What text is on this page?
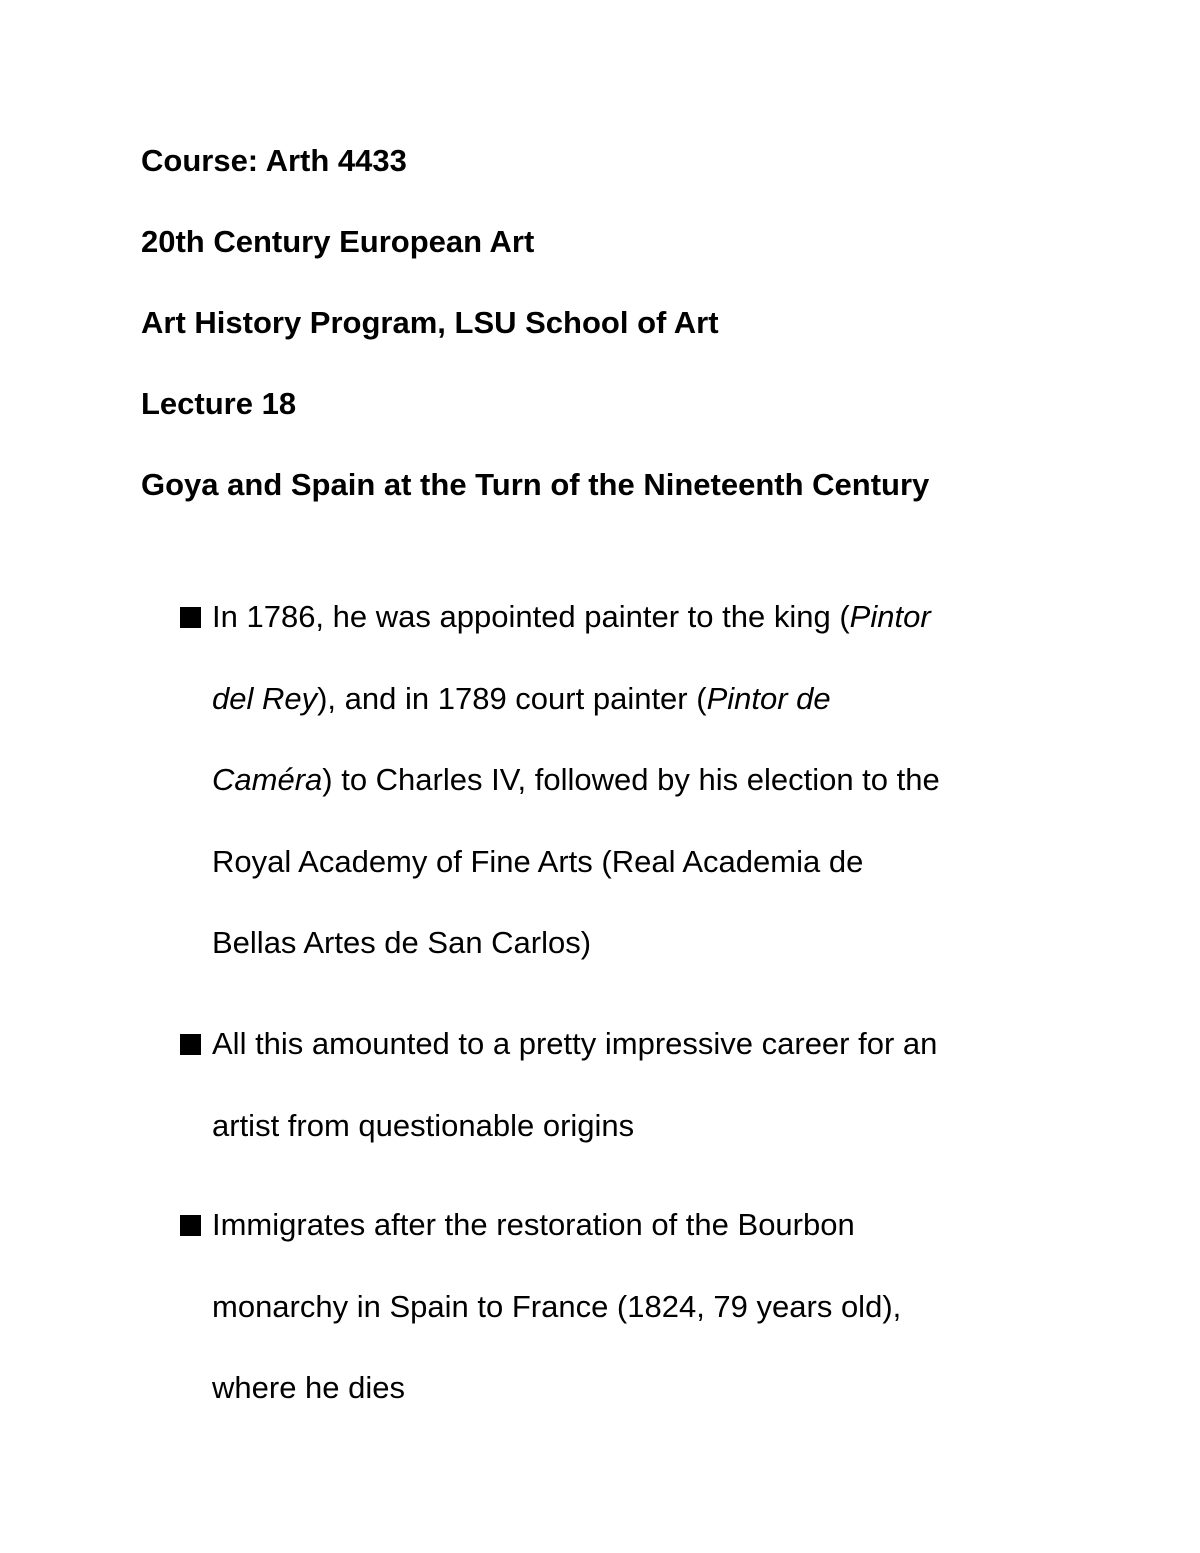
Course: Arth 4433

20th Century European Art

Art History Program, LSU School of Art

Lecture 18

Goya and Spain at the Turn of the Nineteenth Century

In 1786, he was appointed painter to the king (Pintor
del Rey), and in 1789 court painter (Pintor de
Caméra) to Charles IV, followed by his election to the
Royal Academy of Fine Arts (Real Academia de
Bellas Artes de San Carlos)

All this amounted to a pretty impressive career for an
artist from questionable origins

Immigrates after the restoration of the Bourbon
monarchy in Spain to France (1824, 79 years old),
where he dies
